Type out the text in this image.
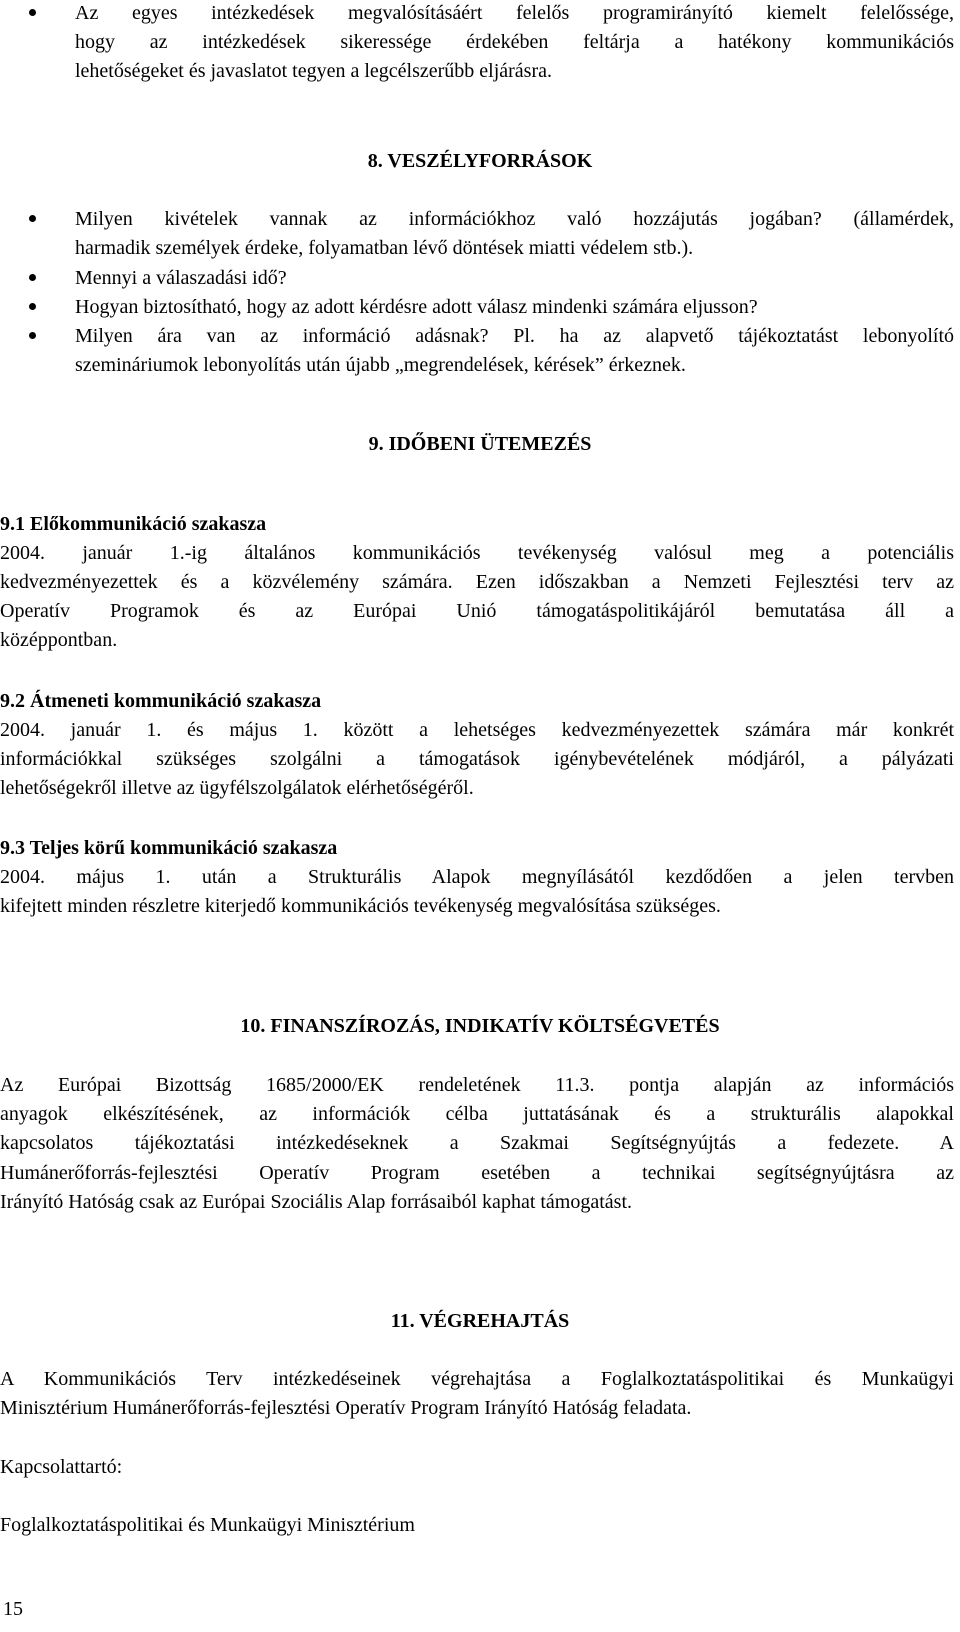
Az egyes intézkedések megvalósításáért felelős programirányító kiemelt felelőssége,
hogy az intézkedések sikeressége érdekében feltárja a hatékony kommunikációs
lehetőségeket és javaslatot tegyen a legcélszerűbb eljárásra.
8. VESZÉLYFORRÁSOK
Milyen kivételek vannak az információkhoz való hozzájutás jogában? (államérdek,
harmadik személyek érdeke, folyamatban lévő döntések miatti védelem stb.).
Mennyi a válaszadási idő?
Hogyan biztosítható, hogy az adott kérdésre adott válasz mindenki számára eljusson?
Milyen ára van az információ adásnak? Pl. ha az alapvető tájékoztatást lebonyolító
szemináriumok lebonyolítás után újabb „megrendelések, kérések” érkeznek.
9. IDŐBENI ÜTEMEZÉS
9.1 Előkommunikáció szakasza
2004. január 1.-ig általános kommunikációs tevékenység valósul meg a potenciális
kedvezményezettek és a közvélemény számára. Ezen időszakban a Nemzeti Fejlesztési terv az
Operatív Programok és az Európai Unió támogatáspolitikájáról bemutatása áll a
középpontban.
9.2 Átmeneti kommunikáció szakasza
2004. január 1. és május 1. között a lehetséges kedvezményezettek számára már konkrét
információkkal szükséges szolgálni a támogatások igénybevételének módjáról, a pályázati
lehetőségekről illetve az ügyfélszolgálatok elérhetőségéről.
9.3 Teljes körű kommunikáció szakasza
2004. május 1. után a Strukturális Alapok megnyílásától kezdődően a jelen tervben
kifejtett minden részletre kiterjedő kommunikációs tevékenység megvalósítása szükséges.
10. FINANSZÍROZÁS, INDIKATÍV KÖLTSÉGVETÉS
Az Európai Bizottság 1685/2000/EK rendeletének 11.3. pontja alapján az információs
anyagok elkészítésének, az információk célba juttatásának és a strukturális alapokkal
kapcsolatos tájékoztatási intézkedéseknek a Szakmai Segítségnyújtás a fedezete. A
Humánerőforrás-fejlesztési Operatív Program esetében a technikai segítségnyújtásra az
Irányító Hatóság csak az Európai Szociális Alap forrásaiból kaphat támogatást.
11. VÉGREHAJTÁS
A Kommunikációs Terv intézkedéseinek végrehajtása a Foglalkoztatáspolitikai és Munkaügyi
Minisztérium Humánerőforrás-fejlesztési Operatív Program Irányító Hatóság feladata.
Kapcsolattartó:
Foglalkoztatáspolitikai és Munkaügyi Minisztérium
15
